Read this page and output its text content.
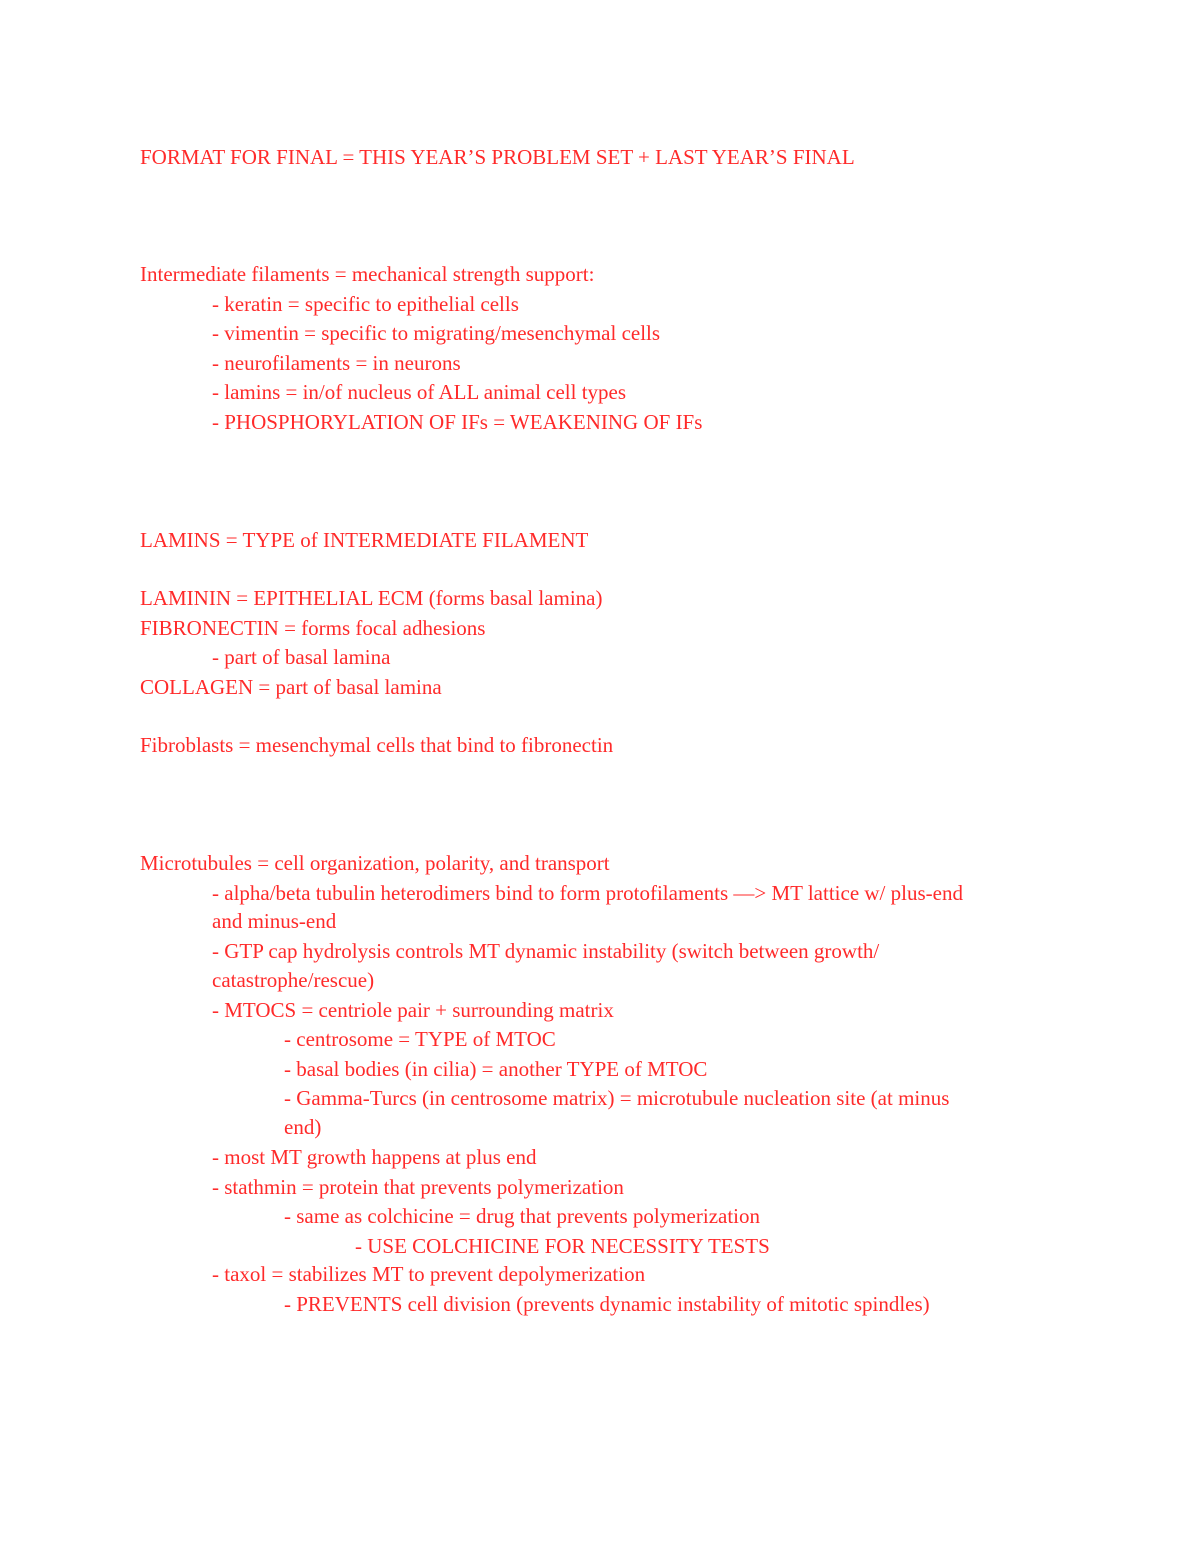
FORMAT FOR FINAL = THIS YEAR’S PROBLEM SET + LAST YEAR’S FINAL
Intermediate filaments = mechanical strength support:
- keratin = specific to epithelial cells
- vimentin = specific to migrating/mesenchymal cells
- neurofilaments = in neurons
- lamins = in/of nucleus of ALL animal cell types
- PHOSPHORYLATION OF IFs = WEAKENING OF IFs
LAMINS = TYPE of INTERMEDIATE FILAMENT
LAMININ = EPITHELIAL ECM (forms basal lamina)
FIBRONECTIN = forms focal adhesions
- part of basal lamina
COLLAGEN = part of basal lamina
Fibroblasts = mesenchymal cells that bind to fibronectin
Microtubules = cell organization, polarity, and transport
- alpha/beta tubulin heterodimers bind to form protofilaments —> MT lattice w/ plus-end
and minus-end
- GTP cap hydrolysis controls MT dynamic instability (switch between growth/
catastrophe/rescue)
- MTOCS = centriole pair + surrounding matrix
- centrosome = TYPE of MTOC
- basal bodies (in cilia) = another TYPE of MTOC
- Gamma-Turcs (in centrosome matrix) = microtubule nucleation site (at minus
end)
- most MT growth happens at plus end
- stathmin = protein that prevents polymerization
- same as colchicine = drug that prevents polymerization
- USE COLCHICINE FOR NECESSITY TESTS
- taxol = stabilizes MT to prevent depolymerization
- PREVENTS cell division (prevents dynamic instability of mitotic spindles)
